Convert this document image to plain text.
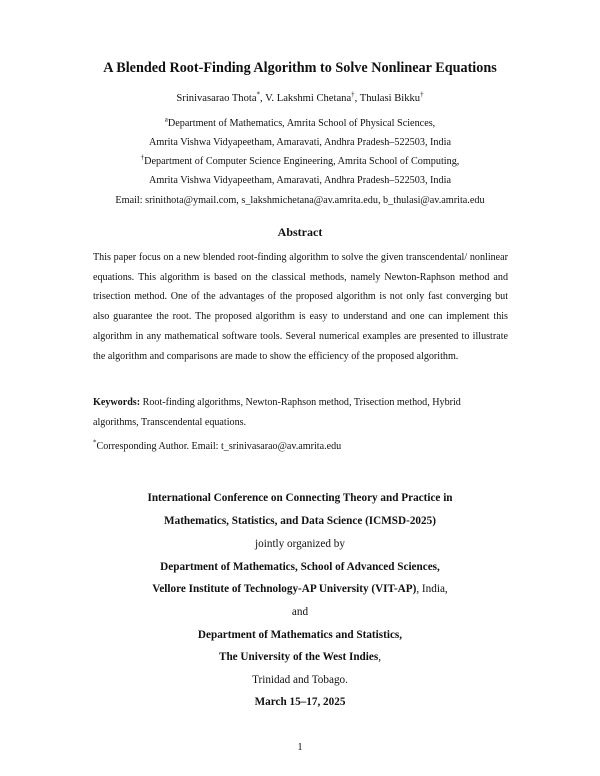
A Blended Root-Finding Algorithm to Solve Nonlinear Equations
Srinivasarao Thota*, V. Lakshmi Chetana†, Thulasi Bikku†
$^a$Department of Mathematics, Amrita School of Physical Sciences,
Amrita Vishwa Vidyapeetham, Amaravati, Andhra Pradesh–522503, India
†Department of Computer Science Engineering, Amrita School of Computing,
Amrita Vishwa Vidyapeetham, Amaravati, Andhra Pradesh–522503, India
Email: srinithota@ymail.com, s_lakshmichetana@av.amrita.edu, b_thulasi@av.amrita.edu
Abstract
This paper focus on a new blended root-finding algorithm to solve the given transcendental/ nonlinear equations. This algorithm is based on the classical methods, namely Newton-Raphson method and trisection method. One of the advantages of the proposed algorithm is not only fast converging but also guarantee the root. The proposed algorithm is easy to understand and one can implement this algorithm in any mathematical software tools. Several numerical examples are presented to illustrate the algorithm and comparisons are made to show the efficiency of the proposed algorithm.
Keywords: Root-finding algorithms, Newton-Raphson method, Trisection method, Hybrid algorithms, Transcendental equations.
*Corresponding Author. Email: t_srinivasarao@av.amrita.edu
International Conference on Connecting Theory and Practice in
Mathematics, Statistics, and Data Science (ICMSD-2025)
jointly organized by
Department of Mathematics, School of Advanced Sciences,
Vellore Institute of Technology-AP University (VIT-AP), India,
and
Department of Mathematics and Statistics,
The University of the West Indies,
Trinidad and Tobago.
March 15–17, 2025
1
